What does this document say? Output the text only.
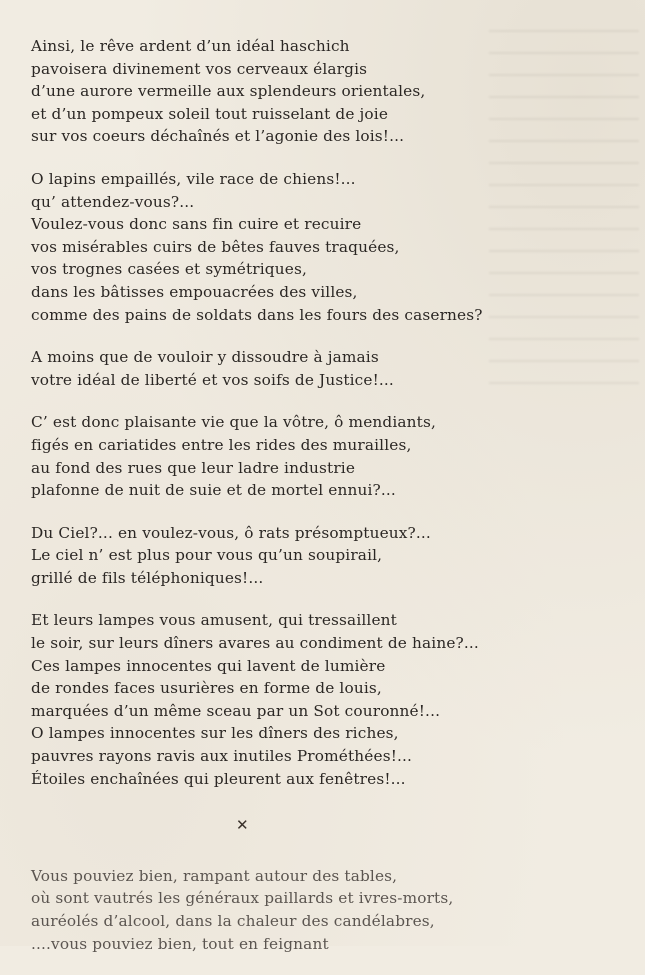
Ainsi, le rêve ardent d’un idéal haschich
pavoisera divinement vos cerveaux élargis
d’une aurore vermeille aux splendeurs orientales,
et d’un pompeux soleil tout ruisselant de joie
sur vos coeurs déchaînés et l’agonie des lois!...
O lapins empaillés, vile race de chiens!...
qu’ attendez-vous?...
Voulez-vous donc sans fin cuire et recuire
vos misérables cuirs de bêtes fauves traquées,
vos trognes casées et symétriques,
dans les bâtisses empouacrées des villes,
comme des pains de soldats dans les fours des casernes?
A moins que de vouloir y dissoudre à jamais
votre idéal de liberté et vos soifs de Justice!...
C’ est donc plaisante vie que la vôtre, ô mendiants,
figés en cariatides entre les rides des murailles,
au fond des rues que leur ladre industrie
plafonne de nuit de suie et de mortel ennui?...
Du Ciel?... en voulez-vous, ô rats présomptueux?...
Le ciel n’ est plus pour vous qu’un soupirail,
grillé de fils téléphoniques!...
Et leurs lampes vous amusent, qui tressaillent
le soir, sur leurs dîners avares au condiment de haine?...
Ces lampes innocentes qui lavent de lumière
de rondes faces usurières en forme de louis,
marquées d’un même sceau par un Sot couronné!...
O lampes innocentes sur les dîners des riches,
pauvres rayons ravis aux inutiles Prométhées!...
Étoiles enchaînées qui pleurent aux fenêtres!...
✕
Vous pouviez bien, rampant autour des tables,
où sont vautrés les généraux paillards et ivres-morts,
auréolés d’alcool, dans la chaleur des candélabres,
....vous pouviez bien, tout en feignant
